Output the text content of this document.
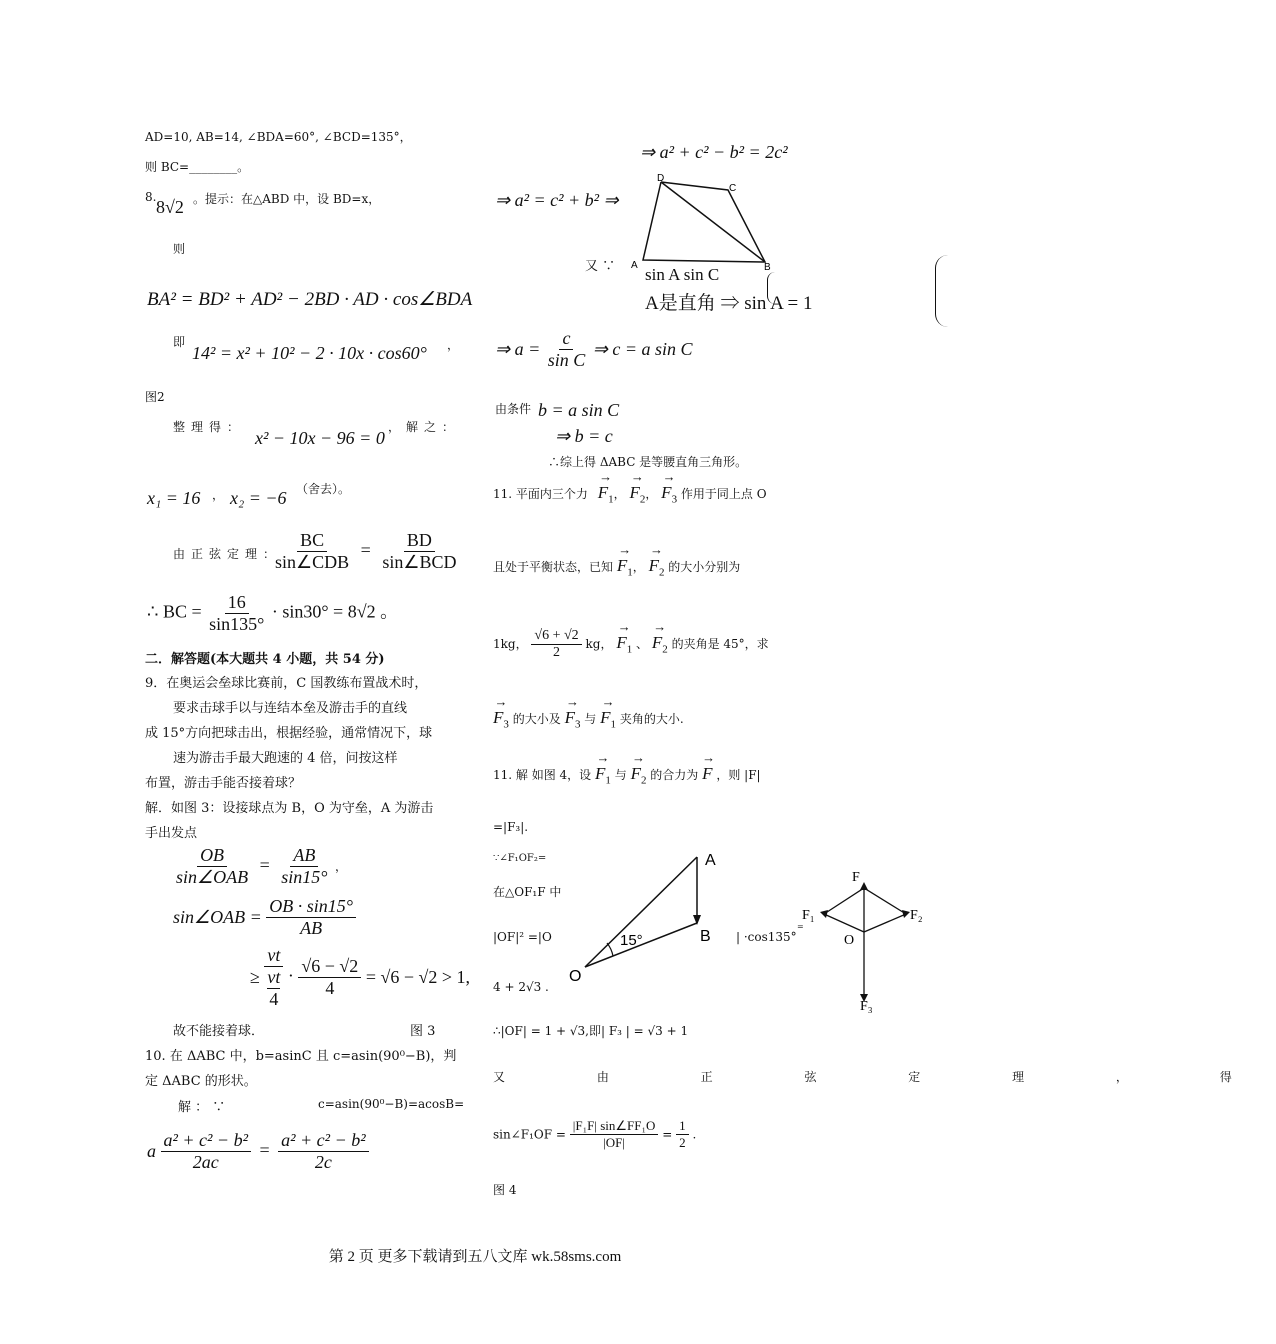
AD=10, AB=14, ∠BDA=60°, ∠BCD=135°，
则 BC=________。
8. 8√2 。提示：在△ABD 中，设 BD=x，
则
BA² = BD² + AD² − 2BD · AD · cos∠BDA
即
14² = x² + 10² − 2 · 10x · cos60° ，
图2
整理得：
x² − 10x − 96 = 0
，解之：
x₁ = 16 ， x₂ = −6 （舍去）。
由正弦定理：
$\frac{BC}{\text{sin∠CDB}} = \frac{BD}{\text{sin∠BCD}}$
∴ BC = $\frac{16}{\sin 135^\circ} \cdot \sin 30^\circ = 8√2$ 。
二．解答题(本大题共 4 小题，共 54 分)
9．在奥运会垒球比赛前，C 国教练布置战术时，
要求击球手以与连结本垒及游击手的直线
成 15°方向把球击出，根据经验，通常情况下，球
速为游击手最大跑速的 4 倍，问按这样
布置，游击手能否接着球？
解．如图 3：设接球点为 B，O 为守垒，A 为游击
手出发点
$\frac{OB}{\text{sin∠OAB}} = \frac{AB}{\sin 15^\circ}$ ，
sin∠OAB = $\frac{OB \cdot \sin 15^\circ}{AB}$
≥ vt
vt
$4 \cdot \frac{√6 - √2}{4} = √6 - √2 > 1$,
故不能接着球．	图 3
10. 在 ΔABC 中，b=asinC 且 c=asin(90⁰−B)，判
定 ΔABC 的形状。
解 ： ∵	c=asin(90⁰−B)=acosB=
a $\frac{\text{a² + c² − b²}}{2ac} = \frac{\text{a² + c² − b²}}{2c}$
⇒ a² + c² − b² = 2c²
⇒ a² = c² + b² ⇒
D
C
A	B
又 ∵ sin A sin C
A是直角 ⇒ sin A = 1
⇒ $a = \frac{c}{\text{sin C}}$ ⇒ c = a sin C
由条件 b = a sin C
⇒ b = c
∴综上得 ΔABC 是等腰直角三角形。
11. 平面内三个力 → $F_1$， → $F_2$， → $F_3$ 作用于同上点 O
且处于平衡状态，已知 → $F_1$， → $F_2$ 的大小分别为
1kg， $\frac{√6 + √2}{2}$ kg， → $F_1$ 、 → $F_2$ 的夹角是 45°，求
→ $F_3$ 的大小及 → $F_3$ 与 → $F_1$ 夹角的大小.
11. 解 如图 4，设 → $F_1$ 与 → $F_2$ 的合力为 → F ，则 |F|
=|F₃|.
∵∠F₁OF₂=
在△OF₁F 中
|OF|² =|O	| ·cos135°
4 + 2√3 .
∴|OF| = 1 + √3,即| F₃ | = √3 + 1
又 由 正 弦 定 理 ， 得
sin∠F₁OF = $\frac{\text{|F₁F| sin∠FF₁O}}{|OF|} = \frac{1}{2}$ .
图 4
A
B
O
15°
=
F
F₁	F₂
O
F₃
第 2 页 更多下载请到五八文库 wk.58sms.com
